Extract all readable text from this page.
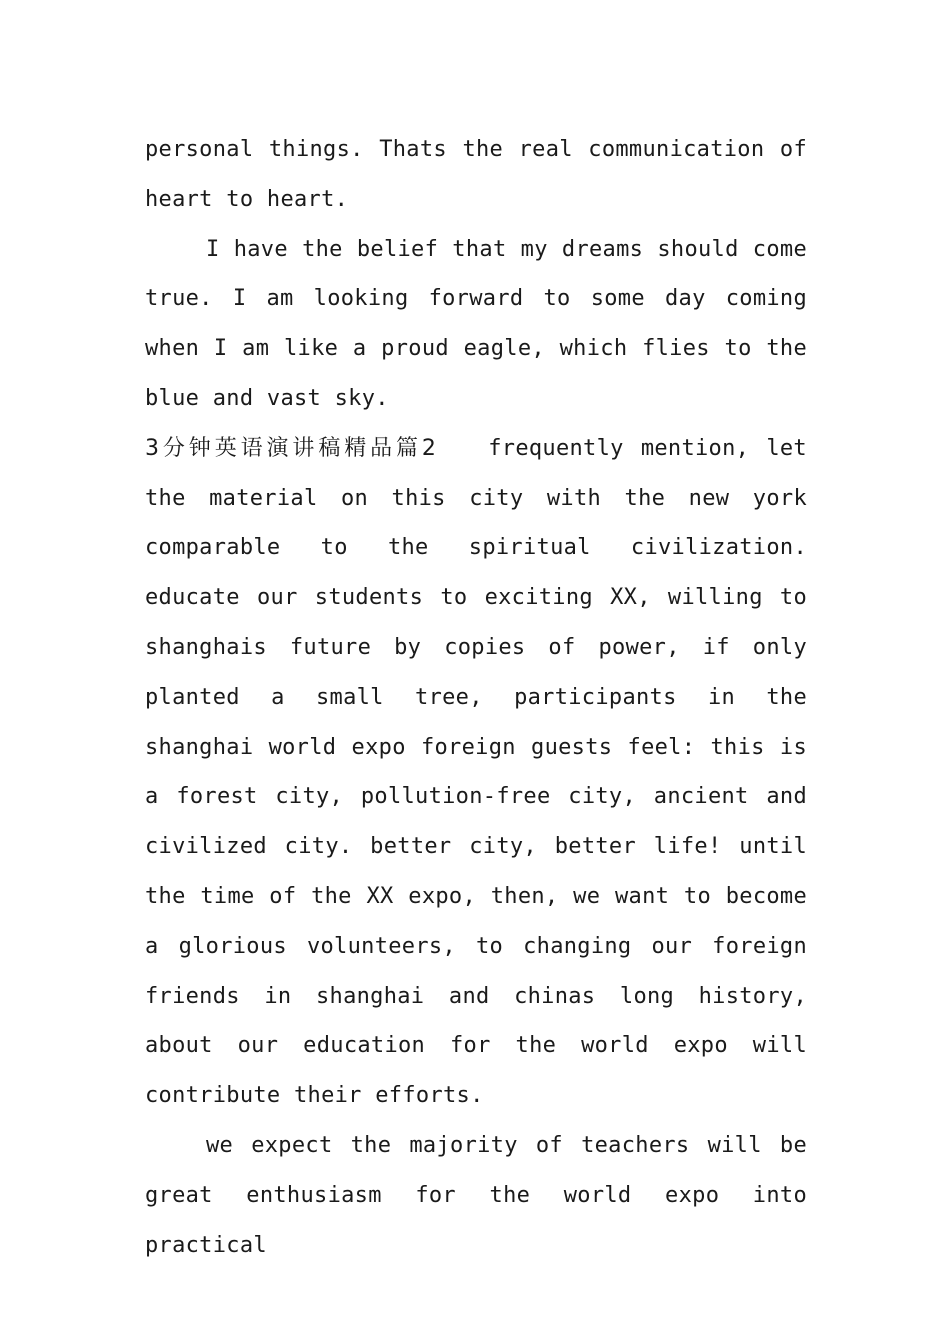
personal things. Thats the real communication of heart to heart.

I have the belief that my dreams should come true. I am looking forward to some day coming when I am like a proud eagle, which flies to the blue and vast sky.

3分钟英语演讲稿精品篇2 frequently mention, let the material on this city with the new york comparable to the spiritual civilization. educate our students to exciting XX, willing to shanghais future by copies of power, if only planted a small tree, participants in the shanghai world expo foreign guests feel: this is a forest city, pollution-free city, ancient and civilized city. better city, better life! until the time of the XX expo, then, we want to become a glorious volunteers, to changing our foreign friends in shanghai and chinas long history, about our education for the world expo will contribute their efforts.

we expect the majority of teachers will be great enthusiasm for the world expo into practical
